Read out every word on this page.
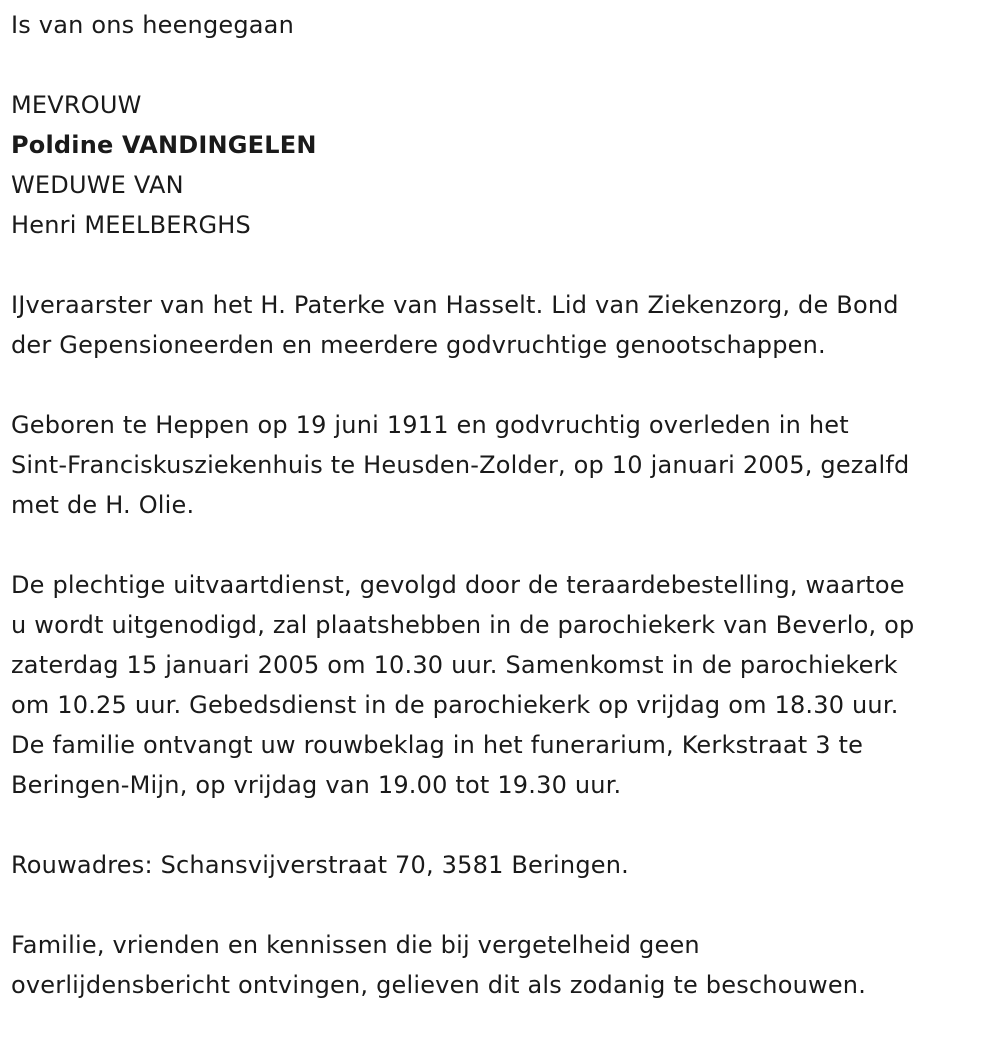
Is van ons heengegaan
MEVROUW
Poldine VANDINGELEN
WEDUWE VAN
Henri MEELBERGHS
IJveraarster van het H. Paterke van Hasselt. Lid van Ziekenzorg, de Bond
der Gepensioneerden en meerdere godvruchtige genootschappen.
Geboren te Heppen op 19 juni 1911 en godvruchtig overleden in het
Sint-Franciskusziekenhuis te Heusden-Zolder, op 10 januari 2005, gezalfd
met de H. Olie.
De plechtige uitvaartdienst, gevolgd door de teraardebestelling, waartoe
u wordt uitgenodigd, zal plaatshebben in de parochiekerk van Beverlo, op
zaterdag 15 januari 2005 om 10.30 uur. Samenkomst in de parochiekerk
om 10.25 uur. Gebedsdienst in de parochiekerk op vrijdag om 18.30 uur.
De familie ontvangt uw rouwbeklag in het funerarium, Kerkstraat 3 te
Beringen-Mijn, op vrijdag van 19.00 tot 19.30 uur.
Rouwadres: Schansvijverstraat 70, 3581 Beringen.
Familie, vrienden en kennissen die bij vergetelheid geen
overlijdensbericht ontvingen, gelieven dit als zodanig te beschouwen.
